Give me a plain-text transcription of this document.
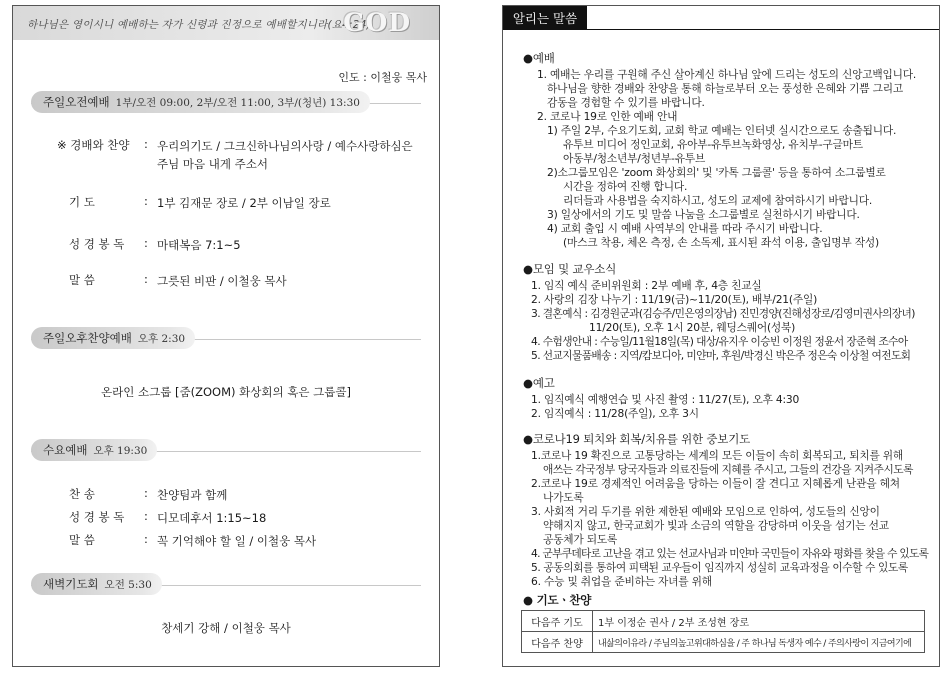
하나님은 영이시니 예배하는 자가 신령과 진정으로 예배할지니라(요4:24)
GOD
인도 : 이철웅 목사
주일오전예배 1부/오전 09:00, 2부/오전 11:00, 3부/(청년) 13:30
※ 경배와 찬양 : 우리의기도 / 그크신하나님의사랑 / 예수사랑하심은
주님 마음 내게 주소서
기 도	: 1부 김재문 장로 / 2부 이남일 장로
성 경 봉 독 : 마태복음 7:1~5
말 씀	: 그릇된 비판 / 이철웅 목사
주일오후찬양예배 오후 2:30
온라인 소그룹 [줌(ZOOM) 화상회의 혹은 그룹콜]
수요예배 오후 19:30
찬 송	: 찬양팀과 함께
성 경 봉 독 : 디모데후서 1:15~18
말 씀	: 꼭 기억해야 할 일 / 이철웅 목사
새벽기도회 오전 5:30
창세기 강해 / 이철웅 목사
알리는 말씀
●예배
1. 예배는 우리를 구원해 주신 살아계신 하나님 앞에 드리는 성도의 신앙고백입니다.
하나님을 향한 경배와 찬양을 통해 하늘로부터 오는 풍성한 은혜와 기쁨 그리고
감동을 경험할 수 있기를 바랍니다.
2. 코로나 19로 인한 예배 안내
1) 주일 2부, 수요기도회, 교회 학교 예배는 인터넷 실시간으로도 송출됩니다.
유투브 미디어 정인교회, 유아부-유투브녹화영상, 유치부-구글마트
아동부/청소년부/청년부-유투브
2)소그룹모임은 'zoom 화상회의' 및 '카톡 그룹콜' 등을 통하여 소그룹별로
시간을 정하여 진행 합니다.
리더들과 사용법을 숙지하시고, 성도의 교제에 참여하시기 바랍니다.
3) 일상에서의 기도 및 말씀 나눔을 소그룹별로 실천하시기 바랍니다.
4) 교회 출입 시 예배 사역부의 안내를 따라 주시기 바랍니다.
(마스크 착용, 체온 측정, 손 소독제, 표시된 좌석 이용, 출입명부 작성)
●모임 및 교우소식
1. 임직 예식 준비위원회 : 2부 예배 후, 4층 친교실
2. 사랑의 김장 나누기 : 11/19(금)~11/20(토), 배부/21(주일)
3. 결혼예식 : 김경원군과(김승주/민은영의장남) 진민경양(진해성장로/김영미권사의장녀)
11/20(토), 오후 1시 20분, 웨딩스퀘어(성북)
4. 수험생안내 : 수능일/11월18일(목) 대상/유지우 이승빈 이정원 정윤서 장준혁 조수아
5. 선교지물품배송 : 지역/캄보디아, 미얀마, 후원/박경신 박은주 정은숙 이상철 여전도회
●예고
1. 임직예식 예행연습 및 사진 촬영 : 11/27(토), 오후 4:30
2. 임직예식 : 11/28(주일), 오후 3시
●코로나19 퇴치와 회복/치유를 위한 중보기도
1.코로나 19 확진으로 고통당하는 세계의 모든 이들이 속히 회복되고, 퇴치를 위해
애쓰는 각국정부 당국자들과 의료진들에 지혜를 주시고, 그들의 건강을 지켜주시도록
2.코로나 19로 경제적인 어려움을 당하는 이들이 잘 견디고 지혜롭게 난관을 헤쳐
나가도록
3. 사회적 거리 두기를 위한 제한된 예배와 모임으로 인하여, 성도들의 신앙이
약해지지 않고, 한국교회가 빛과 소금의 역할을 감당하며 이웃을 섬기는 선교
공동체가 되도록
4. 군부쿠데타로 고난을 겪고 있는 선교사님과 미얀마 국민들이 자유와 평화를 찾을 수 있도록
5. 공동의회를 통하여 피택된 교우들이 임직까지 성실히 교육과정을 이수할 수 있도록
6. 수능 및 취업을 준비하는 자녀를 위해
● 기도ㆍ찬양
다음주 기도	1부 이정순 권사 / 2부 조성현 장로
다음주 찬양	내삶의이유라 / 주님의높고위대하심을 / 주 하나님 독생자 예수 / 주의사랑이 지금여기에
